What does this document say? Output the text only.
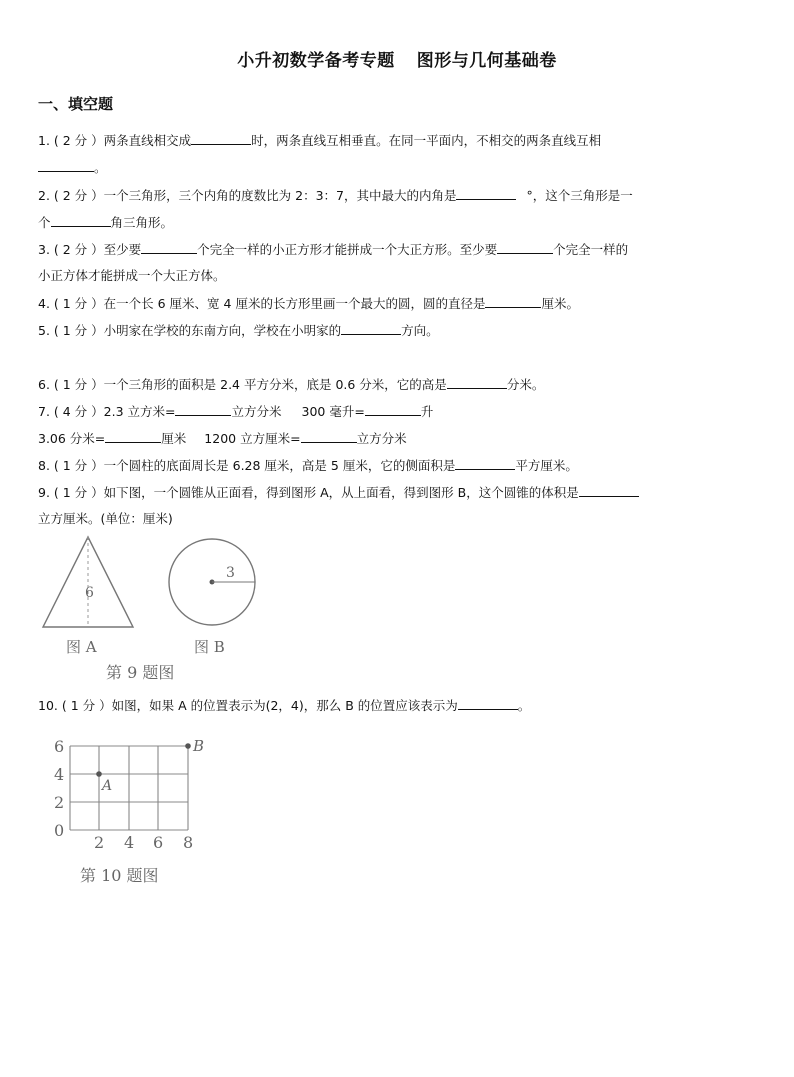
小升初数学备考专题 图形与几何基础卷
一、填空题
1. ( 2 分 ）两条直线相交成	时，两条直线互相垂直。在同一平面内，不相交的两条直线互相
。
2. ( 2 分 ）一个三角形，三个内角的度数比为 2：3：7，其中最大的内角是	°，这个三角形是一
个	角三角形。
3. ( 2 分 ）至少要	个完全一样的小正方形才能拼成一个大正方形。至少要	个完全一样的
小正方体才能拼成一个大正方体。
4. ( 1 分 ）在一个长 6 厘米、宽 4 厘米的长方形里画一个最大的圆，圆的直径是	厘米。
5. ( 1 分 ）小明家在学校的东南方向，学校在小明家的	方向。
6. ( 1 分 ）一个三角形的面积是 2.4 平方分米，底是 0.6 分米，它的高是	分米。
7. ( 4 分 ）2.3 立方米=	立方分米 300 毫升=	升
3.06 分米=	厘米 1200 立方厘米=	立方分米
8. ( 1 分 ）一个圆柱的底面周长是 6.28 厘米，高是 5 厘米，它的侧面积是	平方厘米。
9. ( 1 分 ）如下图，一个圆锥从正面看，得到图形 A，从上面看，得到图形 B，这个圆锥的体积是
立方厘米。(单位：厘米)
6
3
图 A	图 B
第 9 题图
10. ( 1 分 ）如图，如果 A 的位置表示为(2，4)，那么 B 的位置应该表示为	。
6
4
2
0
2 4 6 8
A
B
第 10 题图
